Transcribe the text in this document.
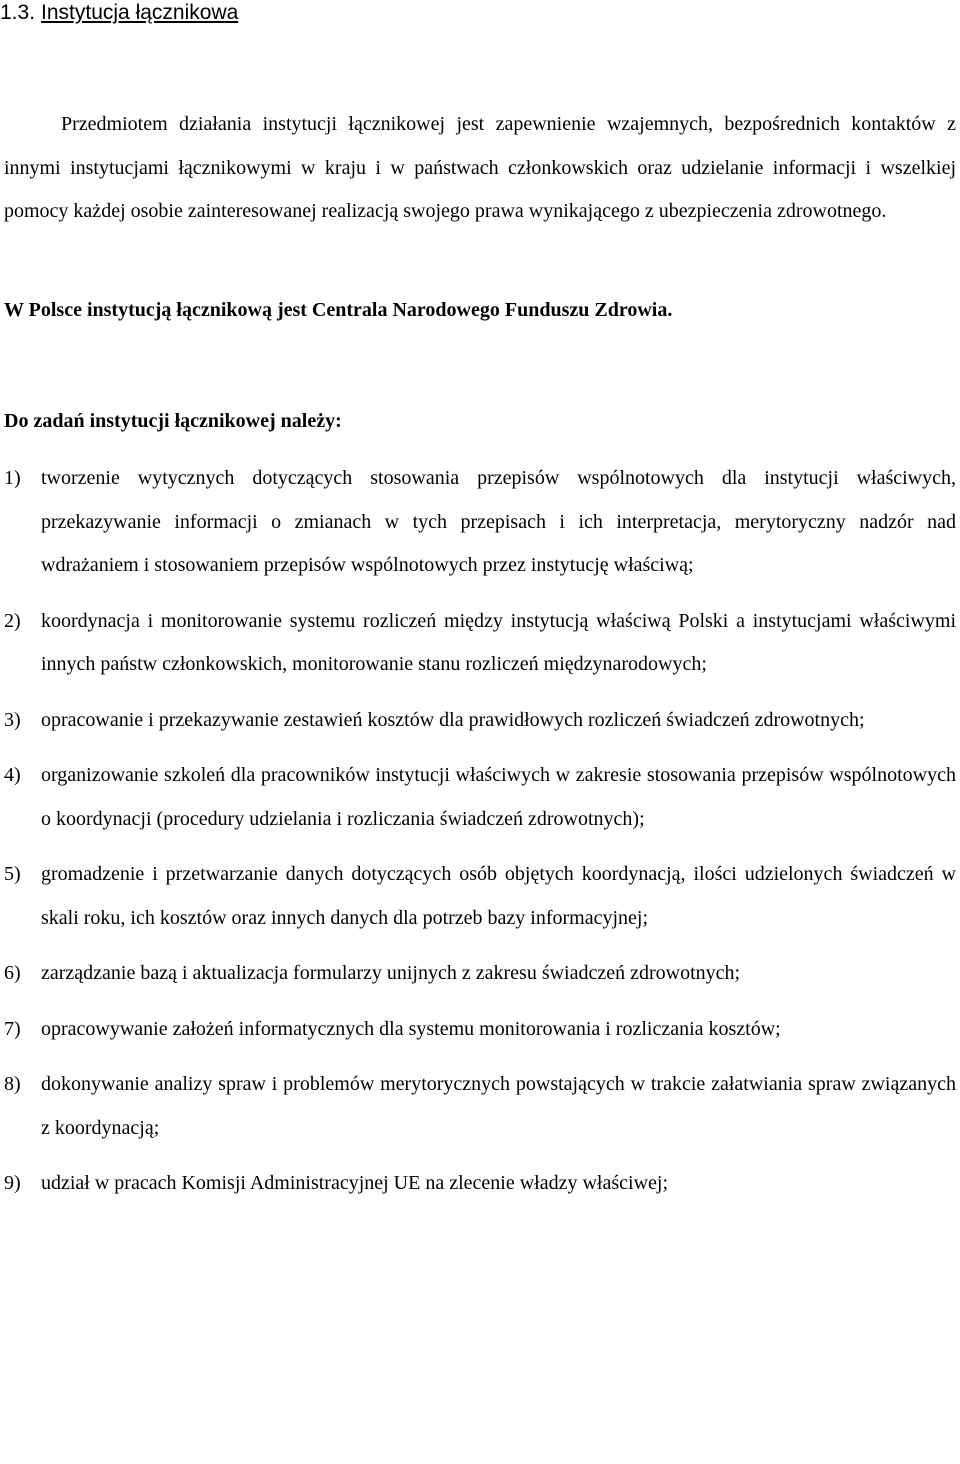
1.3. Instytucja łącznikowa

Przedmiotem działania instytucji łącznikowej jest zapewnienie wzajemnych, bezpośrednich kontaktów z innymi instytucjami łącznikowymi w kraju i w państwach członkowskich oraz udzielanie informacji i wszelkiej pomocy każdej osobie zainteresowanej realizacją swojego prawa wynikającego z ubezpieczenia zdrowotnego.

W Polsce instytucją łącznikową jest Centrala Narodowego Funduszu Zdrowia.

Do zadań instytucji łącznikowej należy:

1)	tworzenie wytycznych dotyczących stosowania przepisów wspólnotowych dla instytucji właściwych, przekazywanie informacji o zmianach w tych przepisach i ich interpretacja, merytoryczny nadzór nad wdrażaniem i stosowaniem przepisów wspólnotowych przez instytucję właściwą;
2)	koordynacja i monitorowanie systemu rozliczeń między instytucją właściwą Polski a instytucjami właściwymi innych państw członkowskich, monitorowanie stanu rozliczeń międzynarodowych;
3)	opracowanie i przekazywanie zestawień kosztów dla prawidłowych rozliczeń świadczeń zdrowotnych;
4)	organizowanie szkoleń dla pracowników instytucji właściwych w zakresie stosowania przepisów wspólnotowych o koordynacji (procedury udzielania i rozliczania świadczeń zdrowotnych);
5)	gromadzenie i przetwarzanie danych dotyczących osób objętych koordynacją, ilości udzielonych świadczeń w skali roku, ich kosztów oraz innych danych dla potrzeb bazy informacyjnej;
6)	zarządzanie bazą i aktualizacja formularzy unijnych z zakresu świadczeń zdrowotnych;
7)	opracowywanie założeń informatycznych dla systemu monitorowania i rozliczania kosztów;
8)	dokonywanie analizy spraw i problemów merytorycznych powstających w trakcie załatwiania spraw związanych z koordynacją;
9)	udział w pracach Komisji Administracyjnej UE na zlecenie władzy właściwej;
